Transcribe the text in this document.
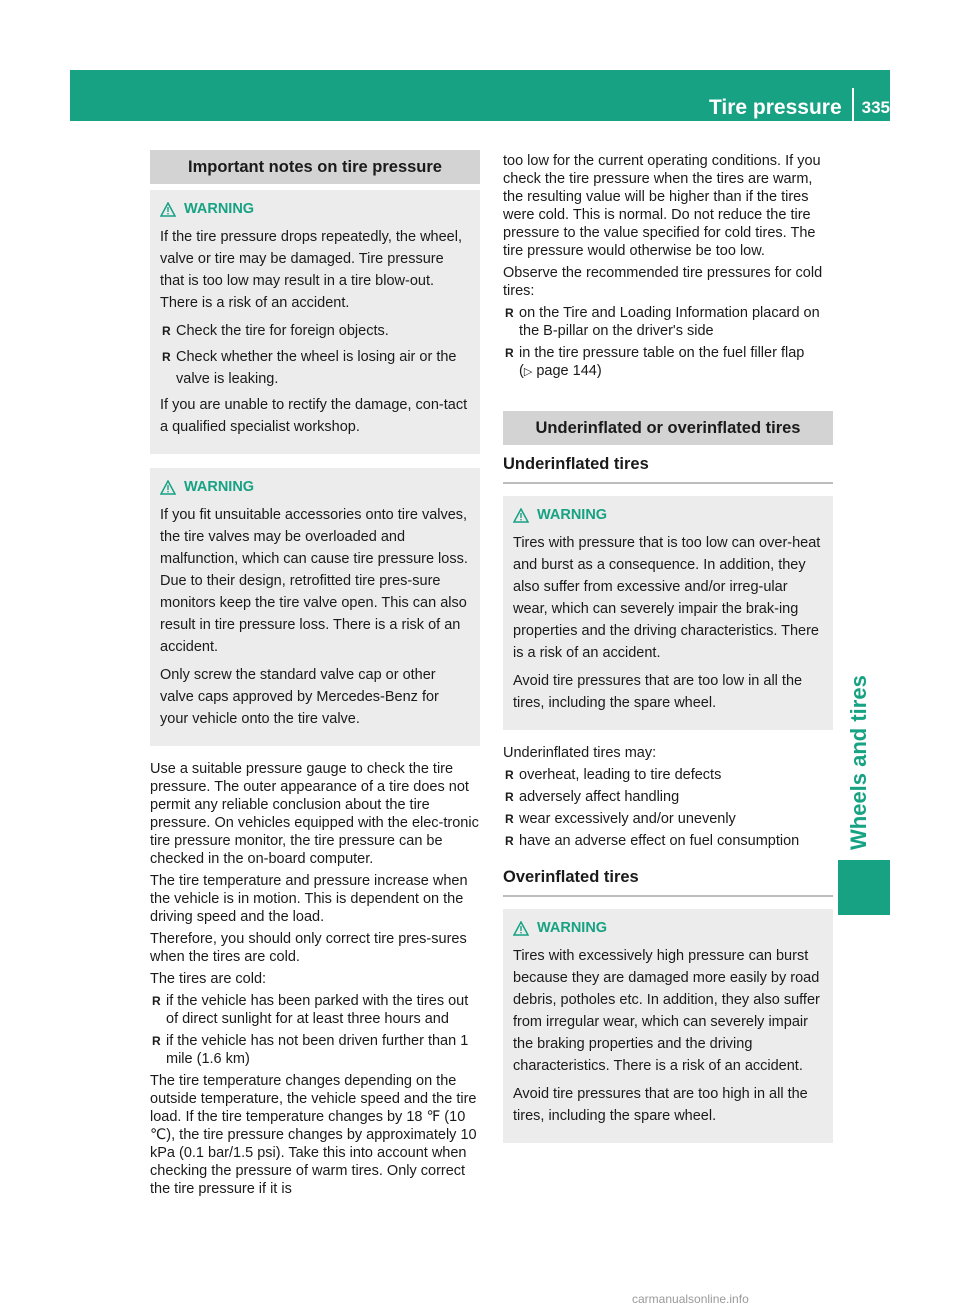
Tire pressure 335
Wheels and tires
Important notes on tire pressure
WARNING

If the tire pressure drops repeatedly, the wheel, valve or tire may be damaged. Tire pressure that is too low may result in a tire blow-out. There is a risk of an accident.

R Check the tire for foreign objects.
R Check whether the wheel is losing air or the valve is leaking.

If you are unable to rectify the damage, con-tact a qualified specialist workshop.

WARNING

If you fit unsuitable accessories onto tire valves, the tire valves may be overloaded and malfunction, which can cause tire pressure loss. Due to their design, retrofitted tire pres-sure monitors keep the tire valve open. This can also result in tire pressure loss. There is a risk of an accident.

Only screw the standard valve cap or other valve caps approved by Mercedes-Benz for your vehicle onto the tire valve.

Use a suitable pressure gauge to check the tire pressure. The outer appearance of a tire does not permit any reliable conclusion about the tire pressure. On vehicles equipped with the elec-tronic tire pressure monitor, the tire pressure can be checked in the on-board computer.

The tire temperature and pressure increase when the vehicle is in motion. This is dependent on the driving speed and the load.

Therefore, you should only correct tire pres-sures when the tires are cold.

The tires are cold:

R if the vehicle has been parked with the tires out of direct sunlight for at least three hours and
R if the vehicle has not been driven further than 1 mile (1.6 km)

The tire temperature changes depending on the outside temperature, the vehicle speed and the tire load. If the tire temperature changes by 18 ℉ (10 ℃), the tire pressure changes by approximately 10 kPa (0.1 bar/1.5 psi). Take this into account when checking the pressure of warm tires. Only correct the tire pressure if it is

too low for the current operating conditions. If you check the tire pressure when the tires are warm, the resulting value will be higher than if the tires were cold. This is normal. Do not reduce the tire pressure to the value specified for cold tires. The tire pressure would otherwise be too low.

Observe the recommended tire pressures for cold tires:

R on the Tire and Loading Information placard on the B-pillar on the driver's side
R in the tire pressure table on the fuel filler flap
(▷ page 144)
Underinflated or overinflated tires
Underinflated tires
WARNING

Tires with pressure that is too low can over-heat and burst as a consequence. In addition, they also suffer from excessive and/or irreg-ular wear, which can severely impair the brak-ing properties and the driving characteristics. There is a risk of an accident.

Avoid tire pressures that are too low in all the tires, including the spare wheel.

Underinflated tires may:

R overheat, leading to tire defects
R adversely affect handling
R wear excessively and/or unevenly
R have an adverse effect on fuel consumption
Overinflated tires
WARNING

Tires with excessively high pressure can burst because they are damaged more easily by road debris, potholes etc. In addition, they also suffer from irregular wear, which can severely impair the braking properties and the driving characteristics. There is a risk of an accident.

Avoid tire pressures that are too high in all the tires, including the spare wheel.

carmanualsonline.info
